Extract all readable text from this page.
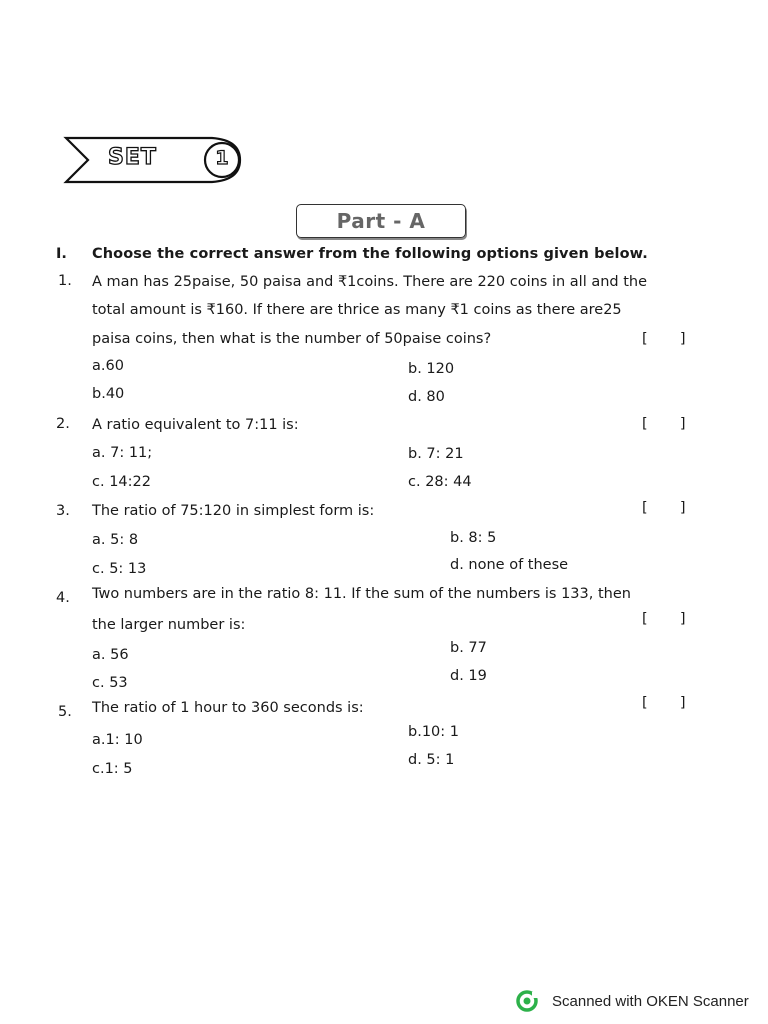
SET	1
Part - A
I. Choose the correct answer from the following options given below.
1. A man has 25paise, 50 paisa and ₹1coins. There are 220 coins in all and the
total amount is ₹160. If there are thrice as many ₹1 coins as there are25
paisa coins, then what is the number of 50paise coins?	[       ]
a.60	b. 120
b.40	d. 80
2. A ratio equivalent to 7:11 is:	[       ]
a. 7: 11;	b. 7: 21
c. 14:22	c. 28: 44
3. The ratio of 75:120 in simplest form is:	[       ]
a. 5: 8	b. 8: 5
c. 5: 13	d. none of these
4. Two numbers are in the ratio 8: 11. If the sum of the numbers is 133, then
the larger number is:	[       ]
a. 56	b. 77
c. 53	d. 19
5. The ratio of 1 hour to 360 seconds is:	[       ]
a.1: 10	b.10: 1
c.1: 5
d. 5: 1
Scanned with OKEN Scanner
